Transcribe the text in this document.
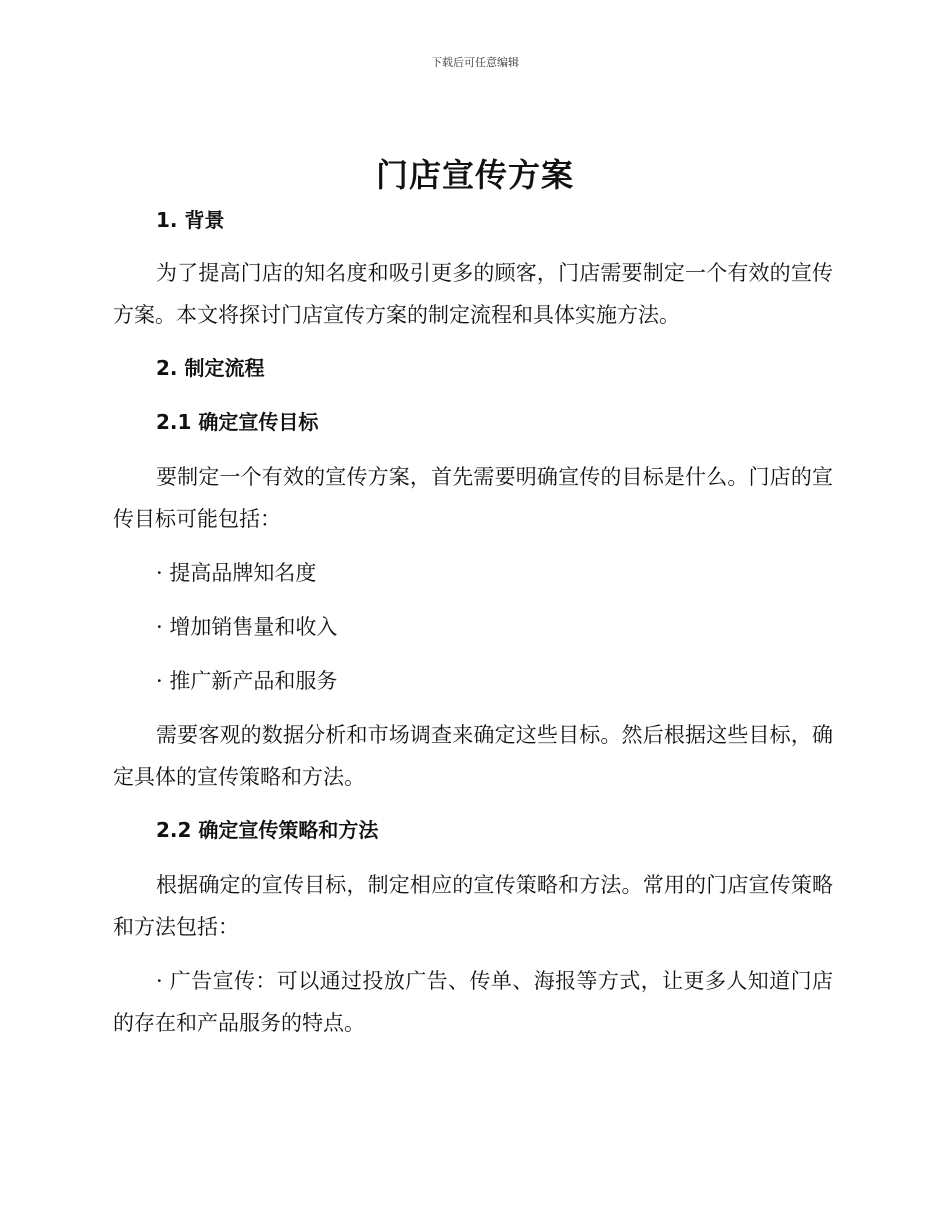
下载后可任意编辑
门店宣传方案

1. 背景

为了提高门店的知名度和吸引更多的顾客，门店需要制定一个有效的宣传方案。本文将探讨门店宣传方案的制定流程和具体实施方法。

2. 制定流程

2.1 确定宣传目标

要制定一个有效的宣传方案，首先需要明确宣传的目标是什么。门店的宣传目标可能包括：

· 提高品牌知名度

· 增加销售量和收入

· 推广新产品和服务

需要客观的数据分析和市场调查来确定这些目标。然后根据这些目标，确定具体的宣传策略和方法。

2.2 确定宣传策略和方法

根据确定的宣传目标，制定相应的宣传策略和方法。常用的门店宣传策略和方法包括：

· 广告宣传：可以通过投放广告、传单、海报等方式，让更多人知道门店的存在和产品服务的特点。
